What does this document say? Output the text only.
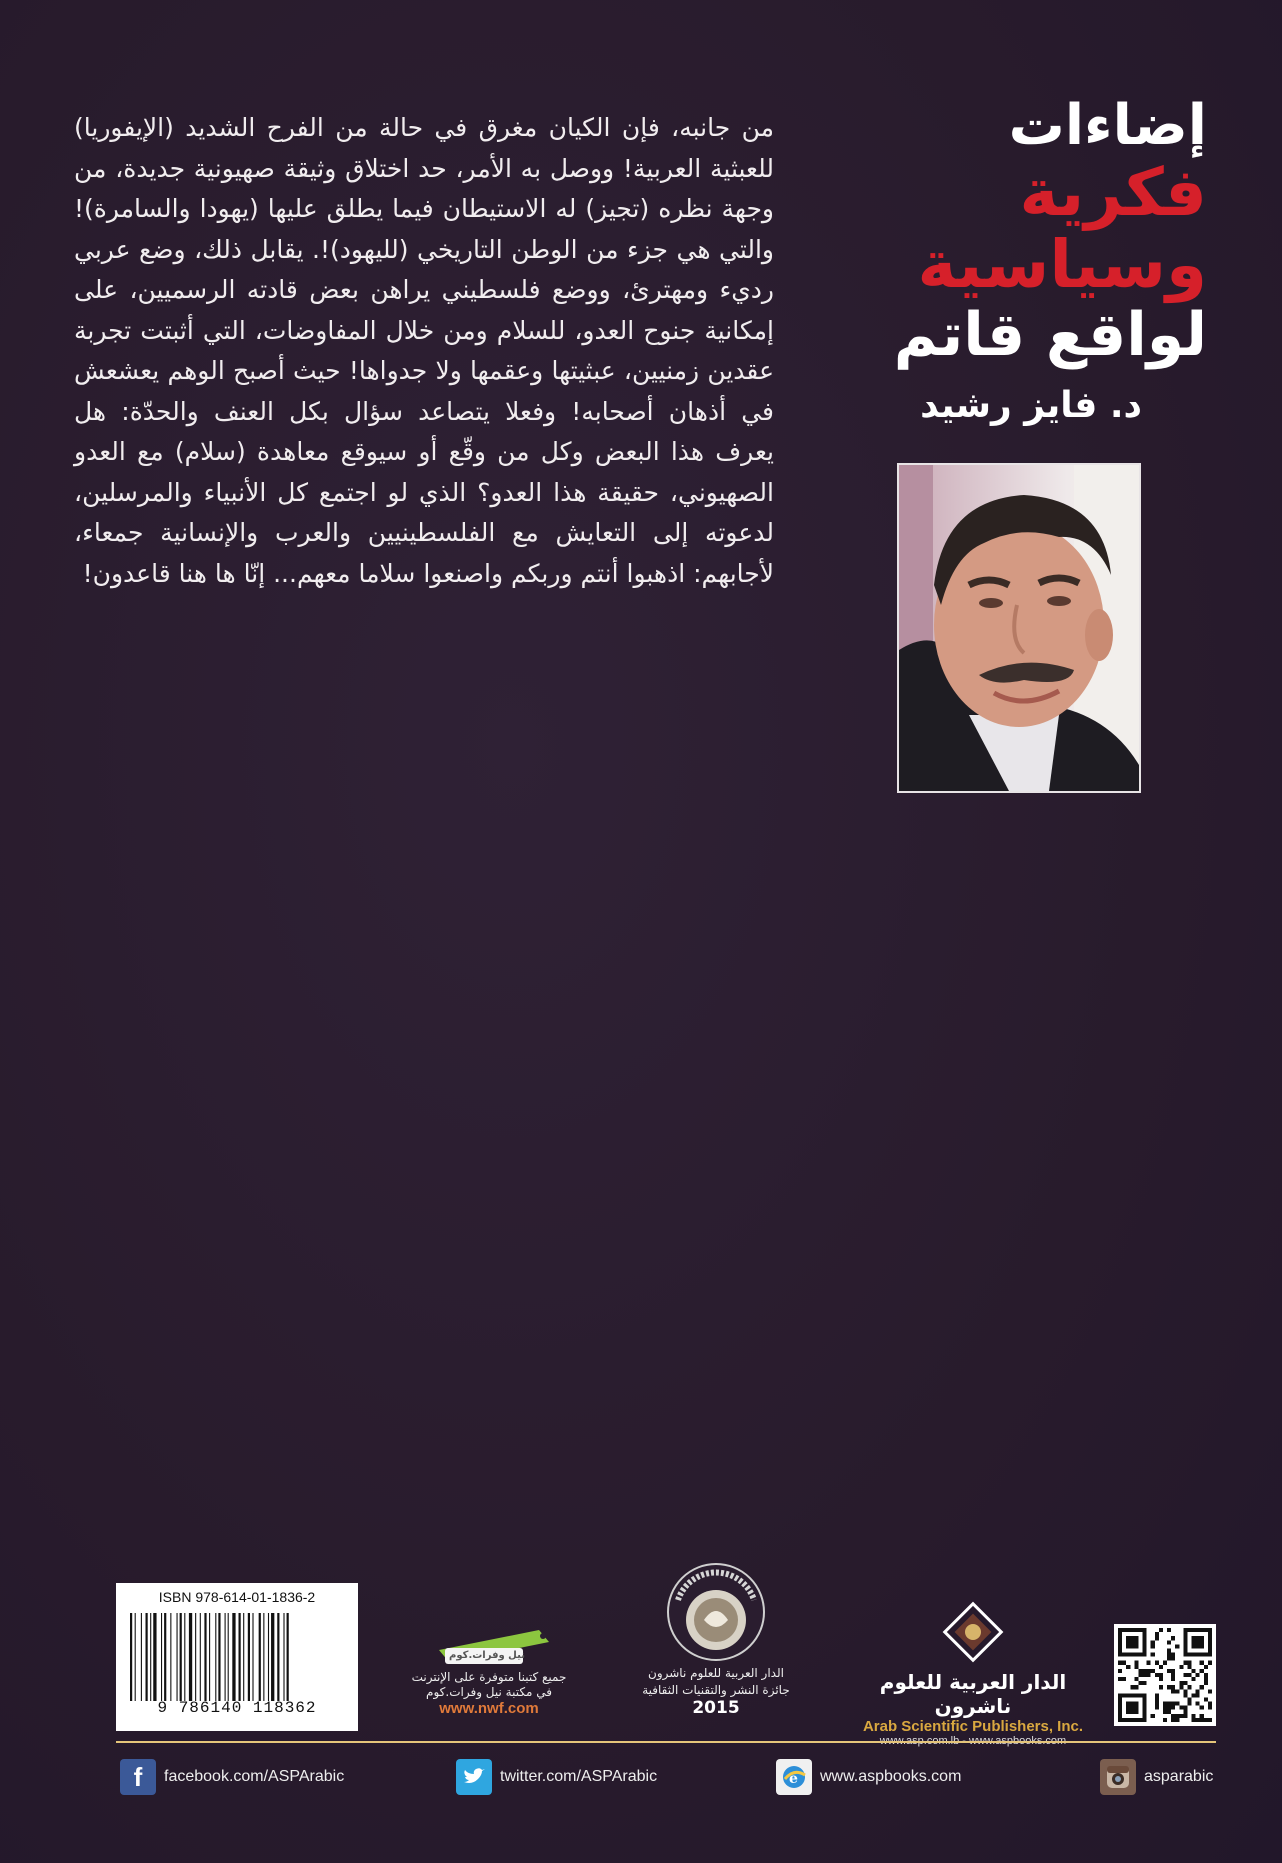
إضاءات
فكرية وسياسية
لواقع قاتم
د. فايز رشيد
من جانبه، فإن الكيان مغرق في حالة من الفرح الشديد (الإيفوريا) للعبثية العربية! ووصل به الأمر، حد اختلاق وثيقة صهيونية جديدة، من وجهة نظره (تجيز) له الاستيطان فيما يطلق عليها (يهودا والسامرة)! والتي هي جزء من الوطن التاريخي (لليهود)!. يقابل ذلك، وضع عربي رديء ومهترئ، ووضع فلسطيني يراهن بعض قادته الرسميين، على إمكانية جنوح العدو، للسلام ومن خلال المفاوضات، التي أثبتت تجربة عقدين زمنيين، عبثيتها وعقمها ولا جدواها! حيث أصبح الوهم يعشعش في أذهان أصحابه! وفعلا يتصاعد سؤال بكل العنف والحدّة: هل يعرف هذا البعض وكل من وقّع أو سيوقع معاهدة (سلام) مع العدو الصهيوني، حقيقة هذا العدو؟ الذي لو اجتمع كل الأنبياء والمرسلين، لدعوته إلى التعايش مع الفلسطينيين والعرب والإنسانية جمعاء، لأجابهم: اذهبوا أنتم وربكم واصنعوا سلاما معهم... إنّا ها هنا قاعدون!
ISBN 978-614-01-1836-2
9 786140 118362
نيل وفرات.كوم
جميع كتبنا متوفرة على الإنترنت
في مكتبة نيل وفرات.كوم
www.nwf.com
الدار العربية للعلوم ناشرون
جائزة النشر والتقنيات الثقافية
2015
الدار العربية للعلوم ناشرون
Arab Scientific Publishers, Inc.
f	facebook.com/ASPArabic	twitter.com/ASPArabic	e www.aspbooks.com	asparabic
